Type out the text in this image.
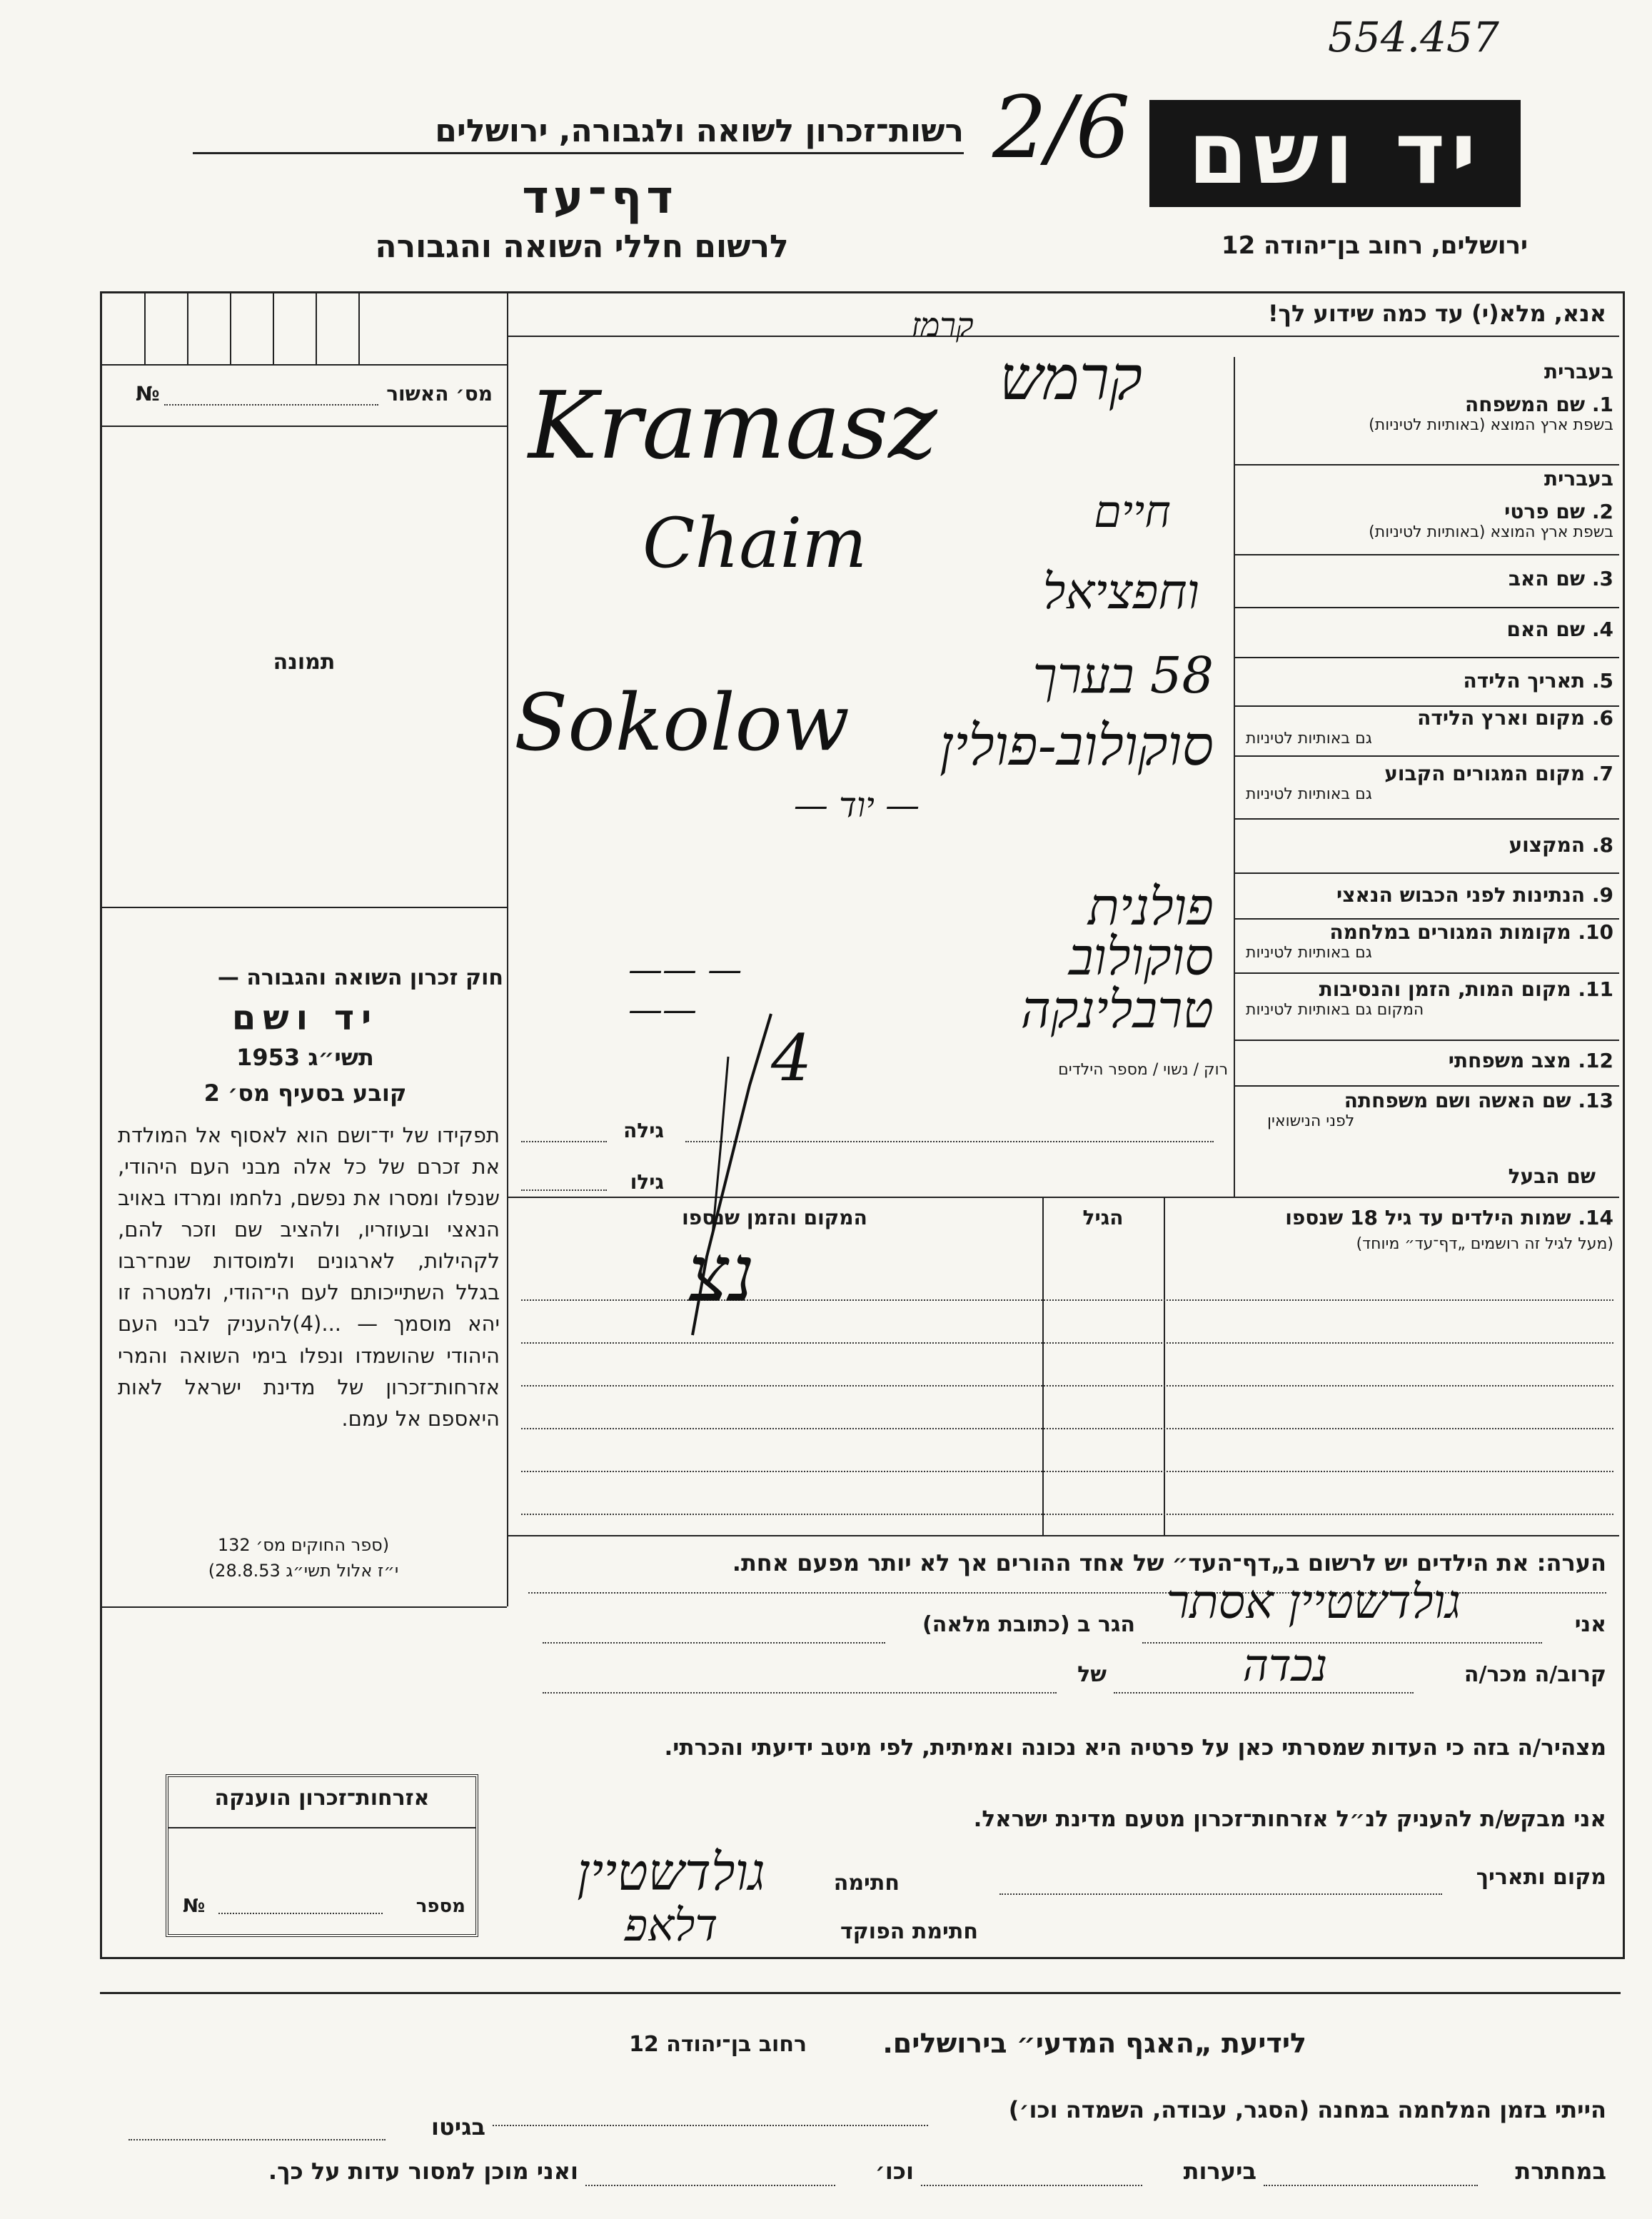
554.457
2/6 יד ושם
רשות־זכרון לשואה ולגבורה, ירושלים
דף־עד
לרשום חללי השואה והגבורה	ירושלים, רחוב בן־יהודה 12
אנא, מלא(י) עד כמה שידוע לך!
מס׳ האשור
№
תמונה
חוק זכרון השואה והגבורה —
יד ושם
תשי״ג 1953
קובע בסעיף מס׳ 2
תפקידו של יד־ושם הוא לאסוף אל המולדת את זכרם של כל אלה מבני העם היהודי, שנפלו ומסרו את נפשם, נלחמו ומרדו באויב הנאצי ובעוזריו, ולהציב שם וזכר להם, לקהילות, לארגונים ולמוסדות שנח־רבו בגלל השתייכותם לעם הי־הודי, ולמטרה זו יהא מוסמך — ...(4)להעניק לבני העם היהודי שהושמדו ונפלו בימי השואה והמרי אזרחות־זכרון של מדינת ישראל לאות היאספם אל עמם.
(ספר החוקים מס׳ 132
י״ז אלול תשי״ג 28.8.53)
בעברית
1. שם המשפחה
בשפת ארץ המוצא (באותיות לטיניות)
בעברית
2. שם פרטי
בשפת ארץ המוצא (באותיות לטיניות)
3. שם האב
4. שם האם
5. תאריך הלידה
6. מקום וארץ הלידה
גם באותיות לטיניות
7. מקום המגורים הקבוע
גם באותיות לטיניות
8. המקצוע
9. הנתינות לפני הכבוש הנאצי
10. מקומות המגורים במלחמה
גם באותיות לטיניות
11. מקום המות, הזמן והנסיבות
המקום גם באותיות לטיניות
12. מצב משפחתי
רוק / נשוי / מספר הילדים
13. שם האשה ושם משפחתה
לפני הנישואין
גילה
שם הבעל
גילו
14. שמות הילדים עד גיל 18 שנספו
(מעל לגיל זה רושמים „דף־עד״ מיוחד)
הגיל
המקום והזמן שנספו
קרמז
קרמש
Kramasz
חיים
Chaim
וחפציאל
58 בערך
Sokolow	סוקולוב-פולין
— יוד —
פולנית
—— — ——
סוקולוב
טרבלינקה
4
נצ
הערה: את הילדים יש לרשום ב„דף־העד״ של אחד ההורים אך לא יותר מפעם אחת.
אני
גולדשטיין אסתר
הגר ב (כתובת מלאה)
קרוב/ה מכר/ה
נכדה
של
מצהיר/ה בזה כי העדות שמסרתי כאן על פרטיה היא נכונה ואמיתית, לפי מיטב ידיעתי והכרתי.
אני מבקש/ת להעניק לנ״ל אזרחות־זכרון מטעם מדינת ישראל.
מקום ותאריך
חתימה
גולדשטיין
חתימת הפוקד
דלאפ
אזרחות־זכרון הוענקה
מספר
№
לידיעת „האגף המדעי״ בירושלים.
רחוב בן־יהודה 12
הייתי בזמן המלחמה במחנה (הסגר, עבודה, השמדה וכו׳)
בגיטו
במחתרת
ביערות
וכו׳
ואני מוכן למסור עדות על כך.
